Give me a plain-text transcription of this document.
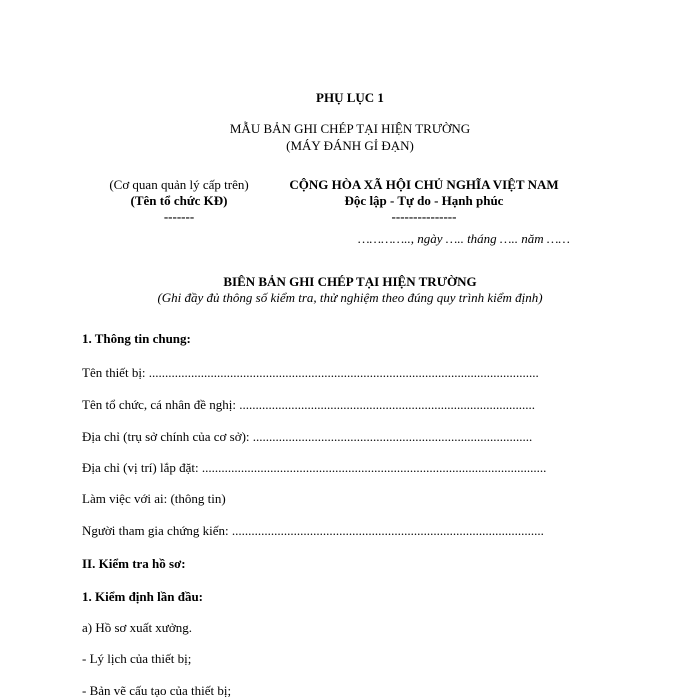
PHỤ LỤC 1
MẪU BẢN GHI CHÉP TẠI HIỆN TRƯỜNG
(MÁY ĐÁNH GỈ ĐẠN)
(Cơ quan quản lý cấp trên)
(Tên tổ chức KĐ)
-------
CỘNG HÒA XÃ HỘI CHỦ NGHĨA VIỆT NAM
Độc lập - Tự do - Hạnh phúc
---------------
………….., ngày ….. tháng ….. năm ……
BIÊN BẢN GHI CHÉP TẠI HIỆN TRƯỜNG
(Ghi đầy đủ thông số kiểm tra, thử nghiệm theo đúng quy trình kiểm định)
1. Thông tin chung:
Tên thiết bị: ........................................................................................................................
Tên tổ chức, cá nhân đề nghị: ...........................................................................................
Địa chỉ (trụ sở chính của cơ sở): ......................................................................................
Địa chỉ (vị trí) lắp đặt: ..........................................................................................................
Làm việc với ai: (thông tin)
Người tham gia chứng kiến: ................................................................................................
II. Kiểm tra hồ sơ:
1. Kiểm định lần đầu:
a) Hồ sơ xuất xưởng.
- Lý lịch của thiết bị;
- Bản vẽ cấu tạo của thiết bị;
